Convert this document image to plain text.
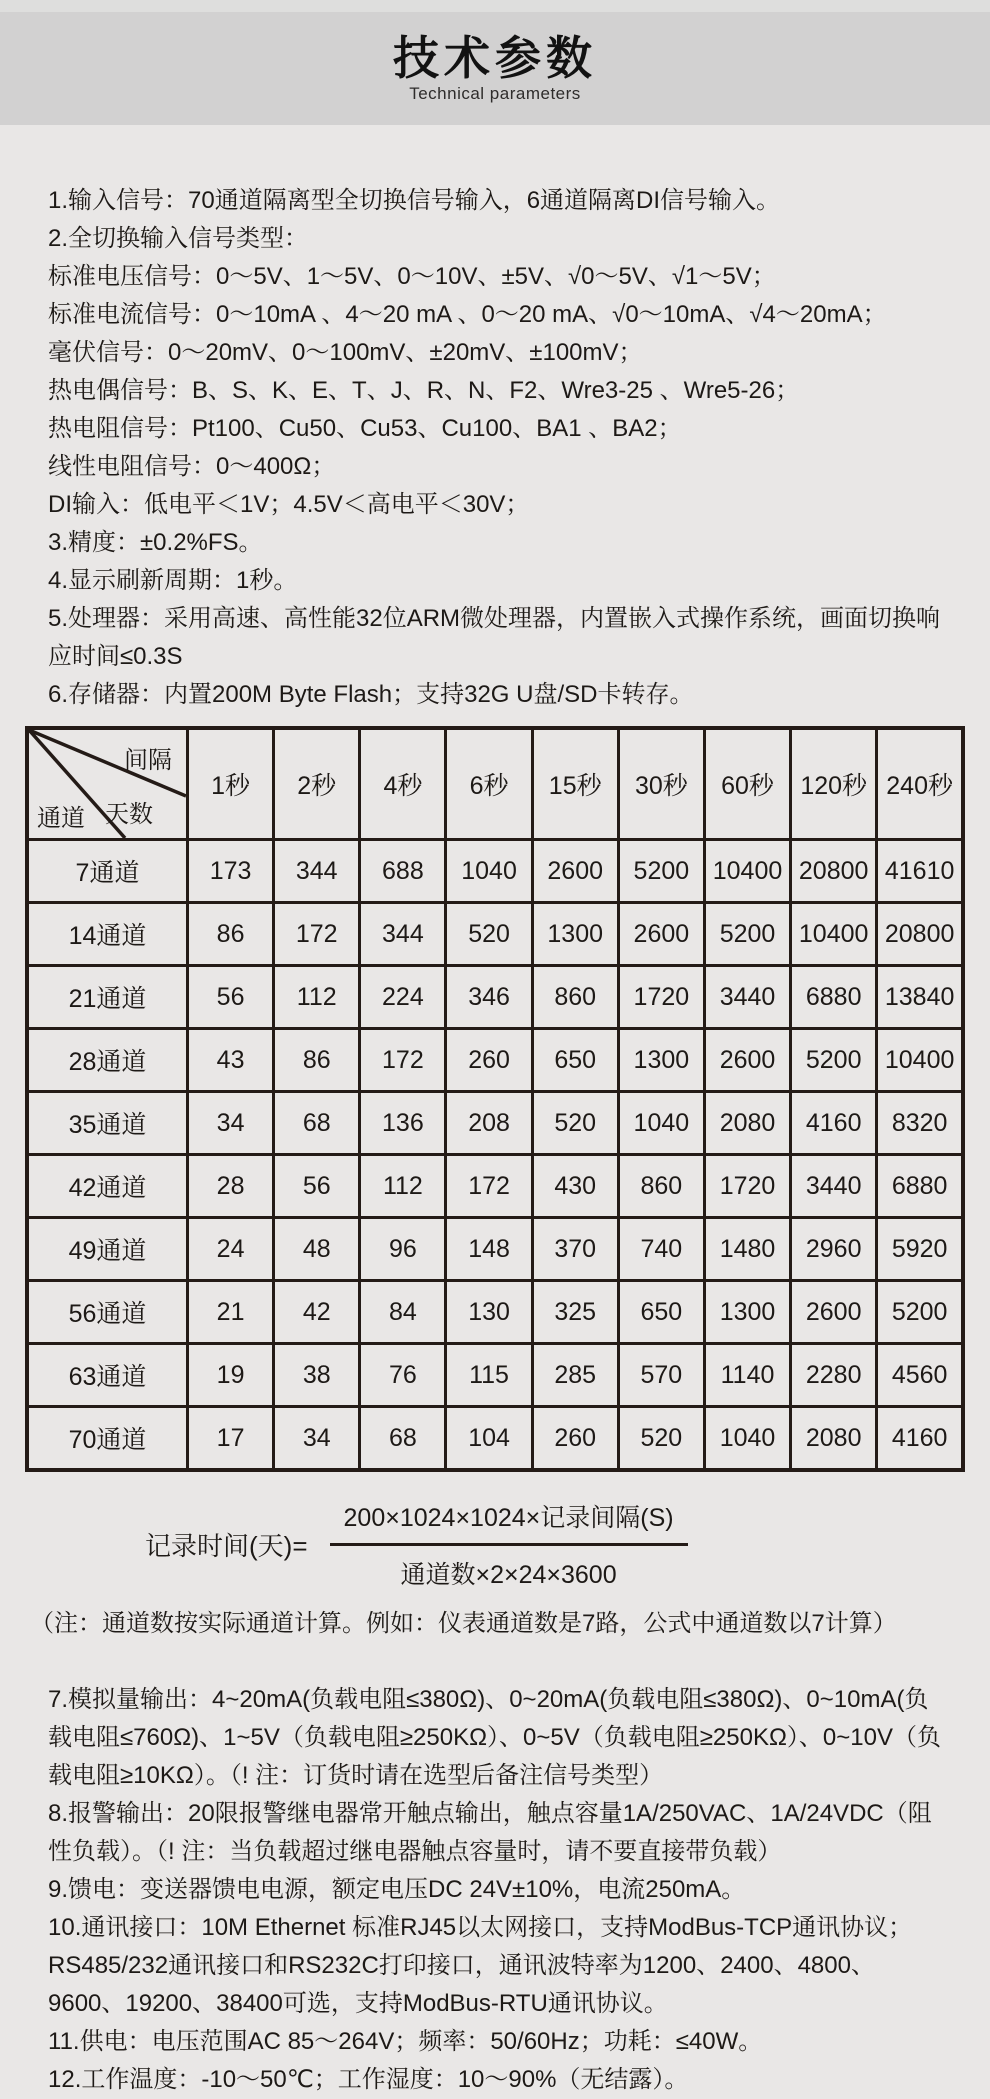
技术参数
Technical parameters

1.输入信号：70通道隔离型全切换信号输入，6通道隔离DI信号输入。

2.全切换输入信号类型：

标准电压信号：0～5V、1～5V、0～10V、±5V、√0～5V、√1～5V；

标准电流信号：0～10mA 、4～20 mA 、0～20 mA、√0～10mA、√4～20mA；

毫伏信号：0～20mV、0～100mV、±20mV、±100mV；

热电偶信号：B、S、K、E、T、J、R、N、F2、Wre3-25 、Wre5-26；

热电阻信号：Pt100、Cu50、Cu53、Cu100、BA1 、BA2；

线性电阻信号：0～400Ω；

DI输入：低电平＜1V；4.5V＜高电平＜30V；

3.精度：±0.2%FS。

4.显示刷新周期：1秒。

5.处理器：采用高速、高性能32位ARM微处理器，内置嵌入式操作系统，画面切换响应时间≤0.3S

6.存储器：内置200M Byte Flash；支持32G U盘/SD卡转存。

间隔
天数
通道	1秒	2秒	4秒	6秒	15秒	30秒	60秒	120秒	240秒
7通道	173	344	688	1040	2600	5200	10400	20800	41610
14通道	86	172	344	520	1300	2600	5200	10400	20800
21通道	56	112	224	346	860	1720	3440	6880	13840
28通道	43	86	172	260	650	1300	2600	5200	10400
35通道	34	68	136	208	520	1040	2080	4160	8320
42通道	28	56	112	172	430	860	1720	3440	6880
49通道	24	48	96	148	370	740	1480	2960	5920
56通道	21	42	84	130	325	650	1300	2600	5200
63通道	19	38	76	115	285	570	1140	2280	4560
70通道	17	34	68	104	260	520	1040	2080	4160
记录时间(天)= $\frac{\text{200×1024×1024×记录间隔(S)}}{\text{通道数×2×24×3600}}$
（注：通道数按实际通道计算。例如：仪表通道数是7路，公式中通道数以7计算）

7.模拟量输出：4~20mA(负载电阻≤380Ω)、0~20mA(负载电阻≤380Ω)、0~10mA(负载电阻≤760Ω)、1~5V（负载电阻≥250KΩ）、0~5V（负载电阻≥250KΩ）、0~10V（负载电阻≥10KΩ）。（! 注：订货时请在选型后备注信号类型）

8.报警输出：20限报警继电器常开触点输出，触点容量1A/250VAC、1A/24VDC（阻性负载）。（! 注：当负载超过继电器触点容量时，请不要直接带负载）

9.馈电：变送器馈电电源，额定电压DC 24V±10%，电流250mA。

10.通讯接口：10M Ethernet 标准RJ45以太网接口，支持ModBus-TCP通讯协议；RS485/232通讯接口和RS232C打印接口，通讯波特率为1200、2400、4800、9600、19200、38400可选，支持ModBus-RTU通讯协议。

11.供电：电压范围AC 85～264V；频率：50/60Hz；功耗：≤40W。

12.工作温度：-10～50℃；工作湿度：10～90%（无结露）。
